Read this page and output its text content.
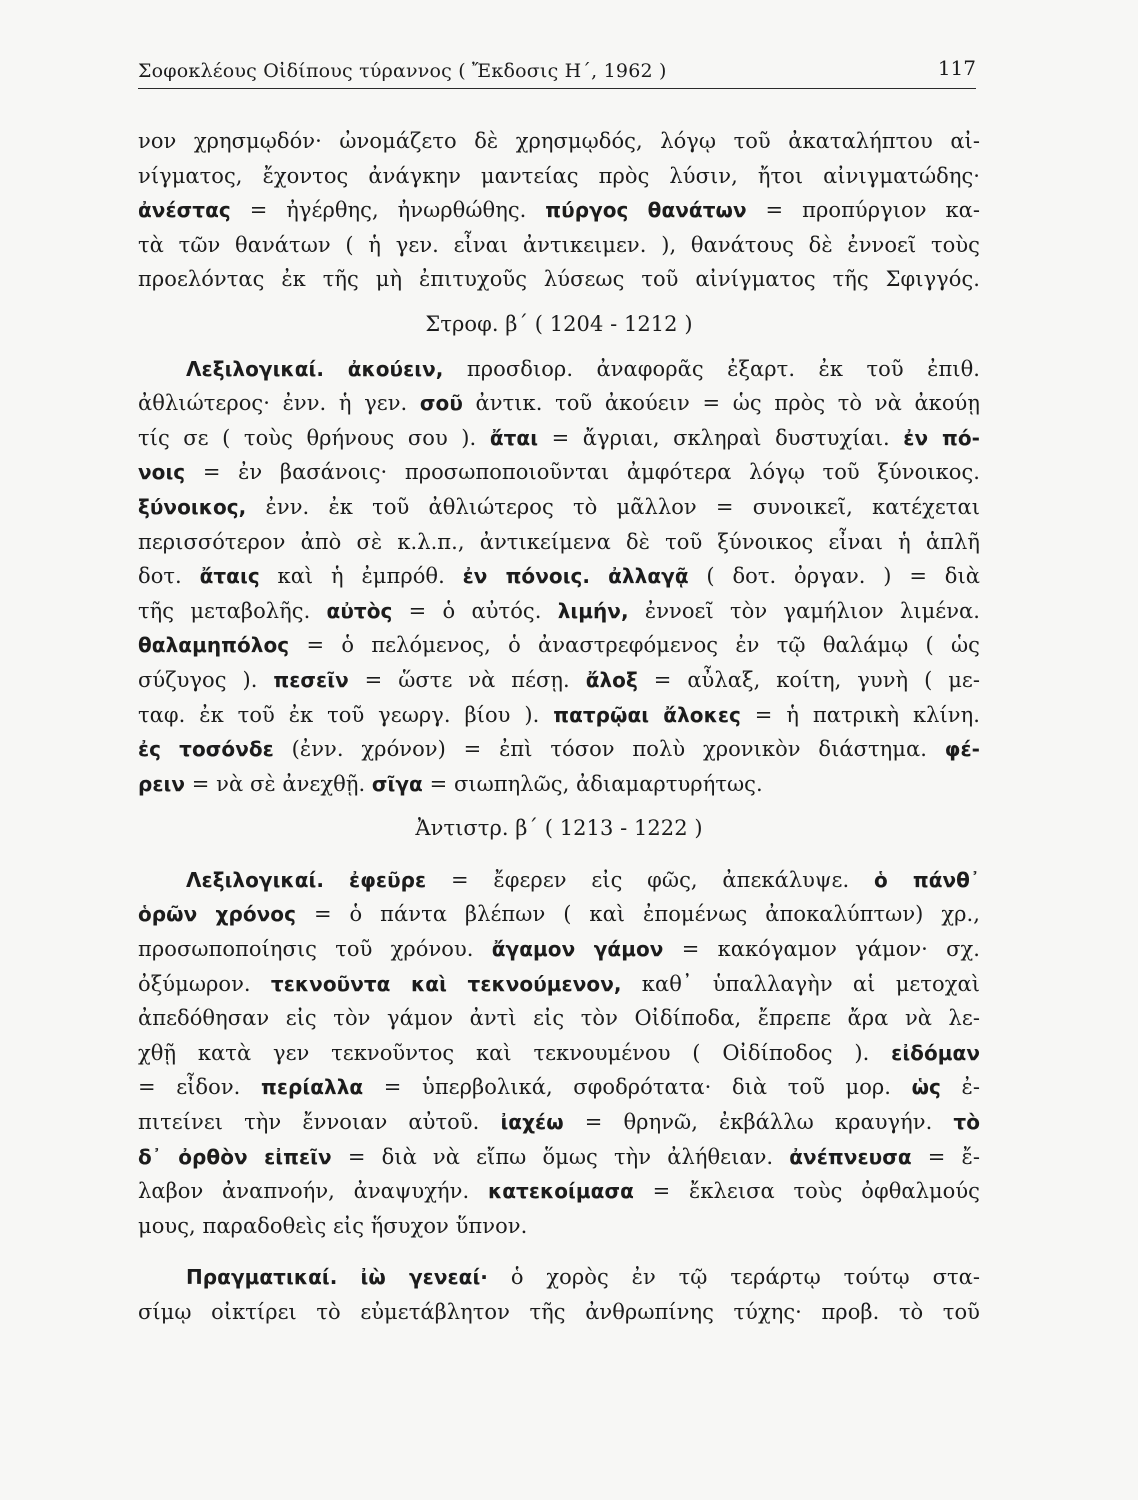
Σοφοκλέους Οἰδίπους τύραννος ( Ἔκδοσις Η΄, 1962 )	117
νον χρησμῳδόν· ὠνομάζετο δὲ χρησμῳδός, λόγῳ τοῦ ἀκαταλήπτου αἰ-
νίγματος, ἔχοντος ἀνάγκην μαντείας πρὸς λύσιν, ἤτοι αἰνιγματώδης·
ἀνέστας = ἠγέρθης, ἠνωρθώθης. πύργος θανάτων = προπύργιον κα-
τὰ τῶν θανάτων ( ἡ γεν. εἶναι ἀντικειμεν. ), θανάτους δὲ ἐννοεῖ τοὺς
προελόντας ἐκ τῆς μὴ ἐπιτυχοῦς λύσεως τοῦ αἰνίγματος τῆς Σφιγγός.
Στροφ. β΄ ( 1204 - 1212 )
Λεξιλογικαί. ἀκούειν, προσδιορ. ἀναφορᾶς ἐξαρτ. ἐκ τοῦ ἐπιθ.
ἀθλιώτερος· ἐνν. ἡ γεν. σοῦ ἀντικ. τοῦ ἀκούειν = ὡς πρὸς τὸ νὰ ἀκούῃ
τίς σε ( τοὺς θρήνους σου ). ἄται = ἄγριαι, σκληραὶ δυστυχίαι. ἐν πό-
νοις = ἐν βασάνοις· προσωποποιοῦνται ἀμφότερα λόγῳ τοῦ ξύνοικος.
ξύνοικος, ἐνν. ἐκ τοῦ ἀθλιώτερος τὸ μᾶλλον = συνοικεῖ, κατέχεται
περισσότερον ἀπὸ σὲ κ.λ.π., ἀντικείμενα δὲ τοῦ ξύνοικος εἶναι ἡ ἁπλῆ
δοτ. ἄταις καὶ ἡ ἐμπρόθ. ἐν πόνοις. ἀλλαγᾷ ( δοτ. ὀργαν. ) = διὰ
τῆς μεταβολῆς. αὐτὸς = ὁ αὐτός. λιμήν, ἐννοεῖ τὸν γαμήλιον λιμένα.
θαλαμηπόλος = ὁ πελόμενος, ὁ ἀναστρεφόμενος ἐν τῷ θαλάμῳ ( ὡς
σύζυγος ). πεσεῖν = ὥστε νὰ πέσῃ. ἄλοξ = αὖλαξ, κοίτη, γυνὴ ( με-
ταφ. ἐκ τοῦ ἐκ τοῦ γεωργ. βίου ). πατρῷαι ἄλοκες = ἡ πατρικὴ κλίνη.
ἐς τοσόνδε (ἐνν. χρόνον) = ἐπὶ τόσον πολὺ χρονικὸν διάστημα. φέ-
ρειν = νὰ σὲ ἀνεχθῇ. σῖγα = σιωπηλῶς, ἀδιαμαρτυρήτως.
Ἀντιστρ. β΄ ( 1213 - 1222 )
Λεξιλογικαί. ἐφεῦρε = ἔφερεν εἰς φῶς, ἀπεκάλυψε. ὁ πάνθ᾽
ὁρῶν χρόνος = ὁ πάντα βλέπων ( καὶ ἐπομένως ἀποκαλύπτων) χρ.,
προσωποποίησις τοῦ χρόνου. ἄγαμον γάμον = κακόγαμον γάμον· σχ.
ὀξύμωρον. τεκνοῦντα καὶ τεκνούμενον, καθ᾽ ὑπαλλαγὴν αἱ μετοχαὶ
ἀπεδόθησαν εἰς τὸν γάμον ἀντὶ εἰς τὸν Οἰδίποδα, ἔπρεπε ἄρα νὰ λε-
χθῇ κατὰ γεν τεκνοῦντος καὶ τεκνουμένου ( Οἰδίποδος ). εἰδόμαν
= εἶδον. περίαλλα = ὑπερβολικά, σφοδρότατα· διὰ τοῦ μορ. ὡς ἐ-
πιτείνει τὴν ἔννοιαν αὐτοῦ. ἰαχέω = θρηνῶ, ἐκβάλλω κραυγήν. τὸ
δ᾽ ὀρθὸν εἰπεῖν = διὰ νὰ εἴπω ὅμως τὴν ἀλήθειαν. ἀνέπνευσα = ἔ-
λαβον ἀναπνοήν, ἀναψυχήν. κατεκοίμασα = ἔκλεισα τοὺς ὀφθαλμούς
μους, παραδοθεὶς εἰς ἥσυχον ὕπνον.
Πραγματικαί. ἰὼ γενεαί· ὁ χορὸς ἐν τῷ τεράρτῳ τούτῳ στα-
σίμῳ οἰκτίρει τὸ εὐμετάβλητον τῆς ἀνθρωπίνης τύχης· προβ. τὸ τοῦ
